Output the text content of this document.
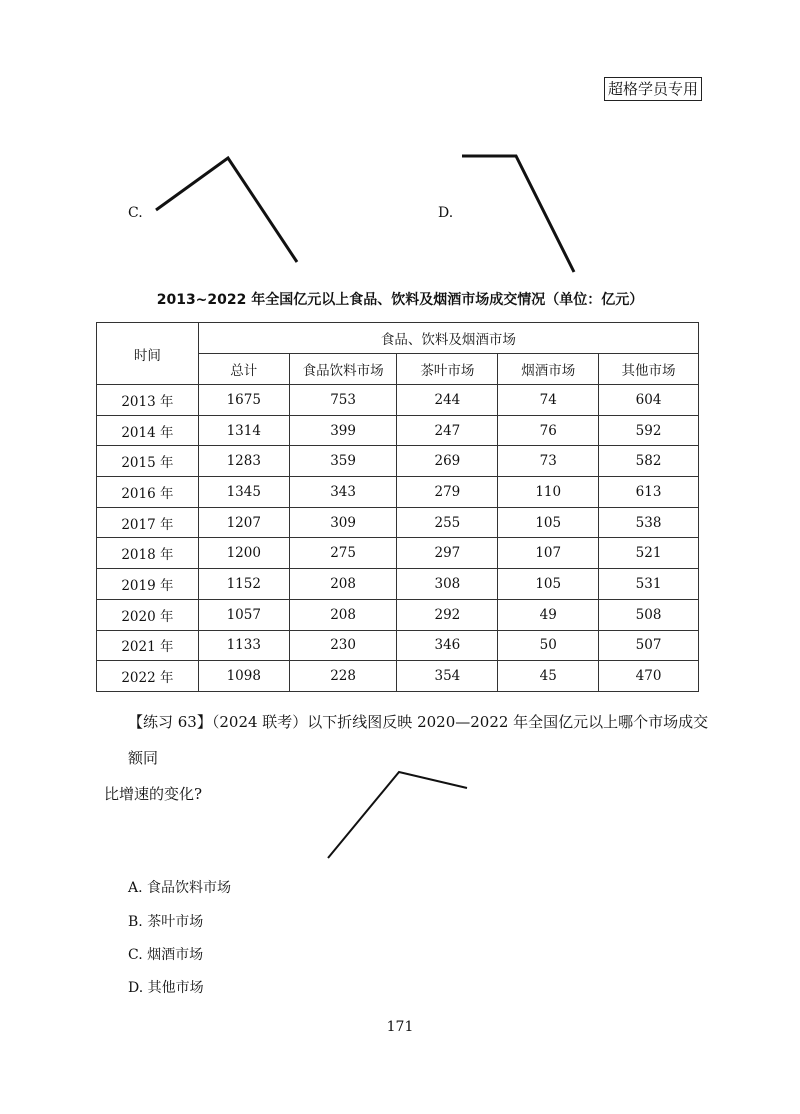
超格学员专用
C.	D.
2013~2022 年全国亿元以上食品、饮料及烟酒市场成交情况（单位：亿元）
时间	食品、饮料及烟酒市场				
	总计	食品饮料市场	茶叶市场	烟酒市场	其他市场
2013 年	1675	753	244	74	604
2014 年	1314	399	247	76	592
2015 年	1283	359	269	73	582
2016 年	1345	343	279	110	613
2017 年	1207	309	255	105	538
2018 年	1200	275	297	107	521
2019 年	1152	208	308	105	531
2020 年	1057	208	292	49	508
2021 年	1133	230	346	50	507
2022 年	1098	228	354	45	470
【练习 63】（2024 联考）以下折线图反映 2020—2022 年全国亿元以上哪个市场成交额同
比增速的变化?
A. 食品饮料市场
B. 茶叶市场
C. 烟酒市场
D. 其他市场
171
